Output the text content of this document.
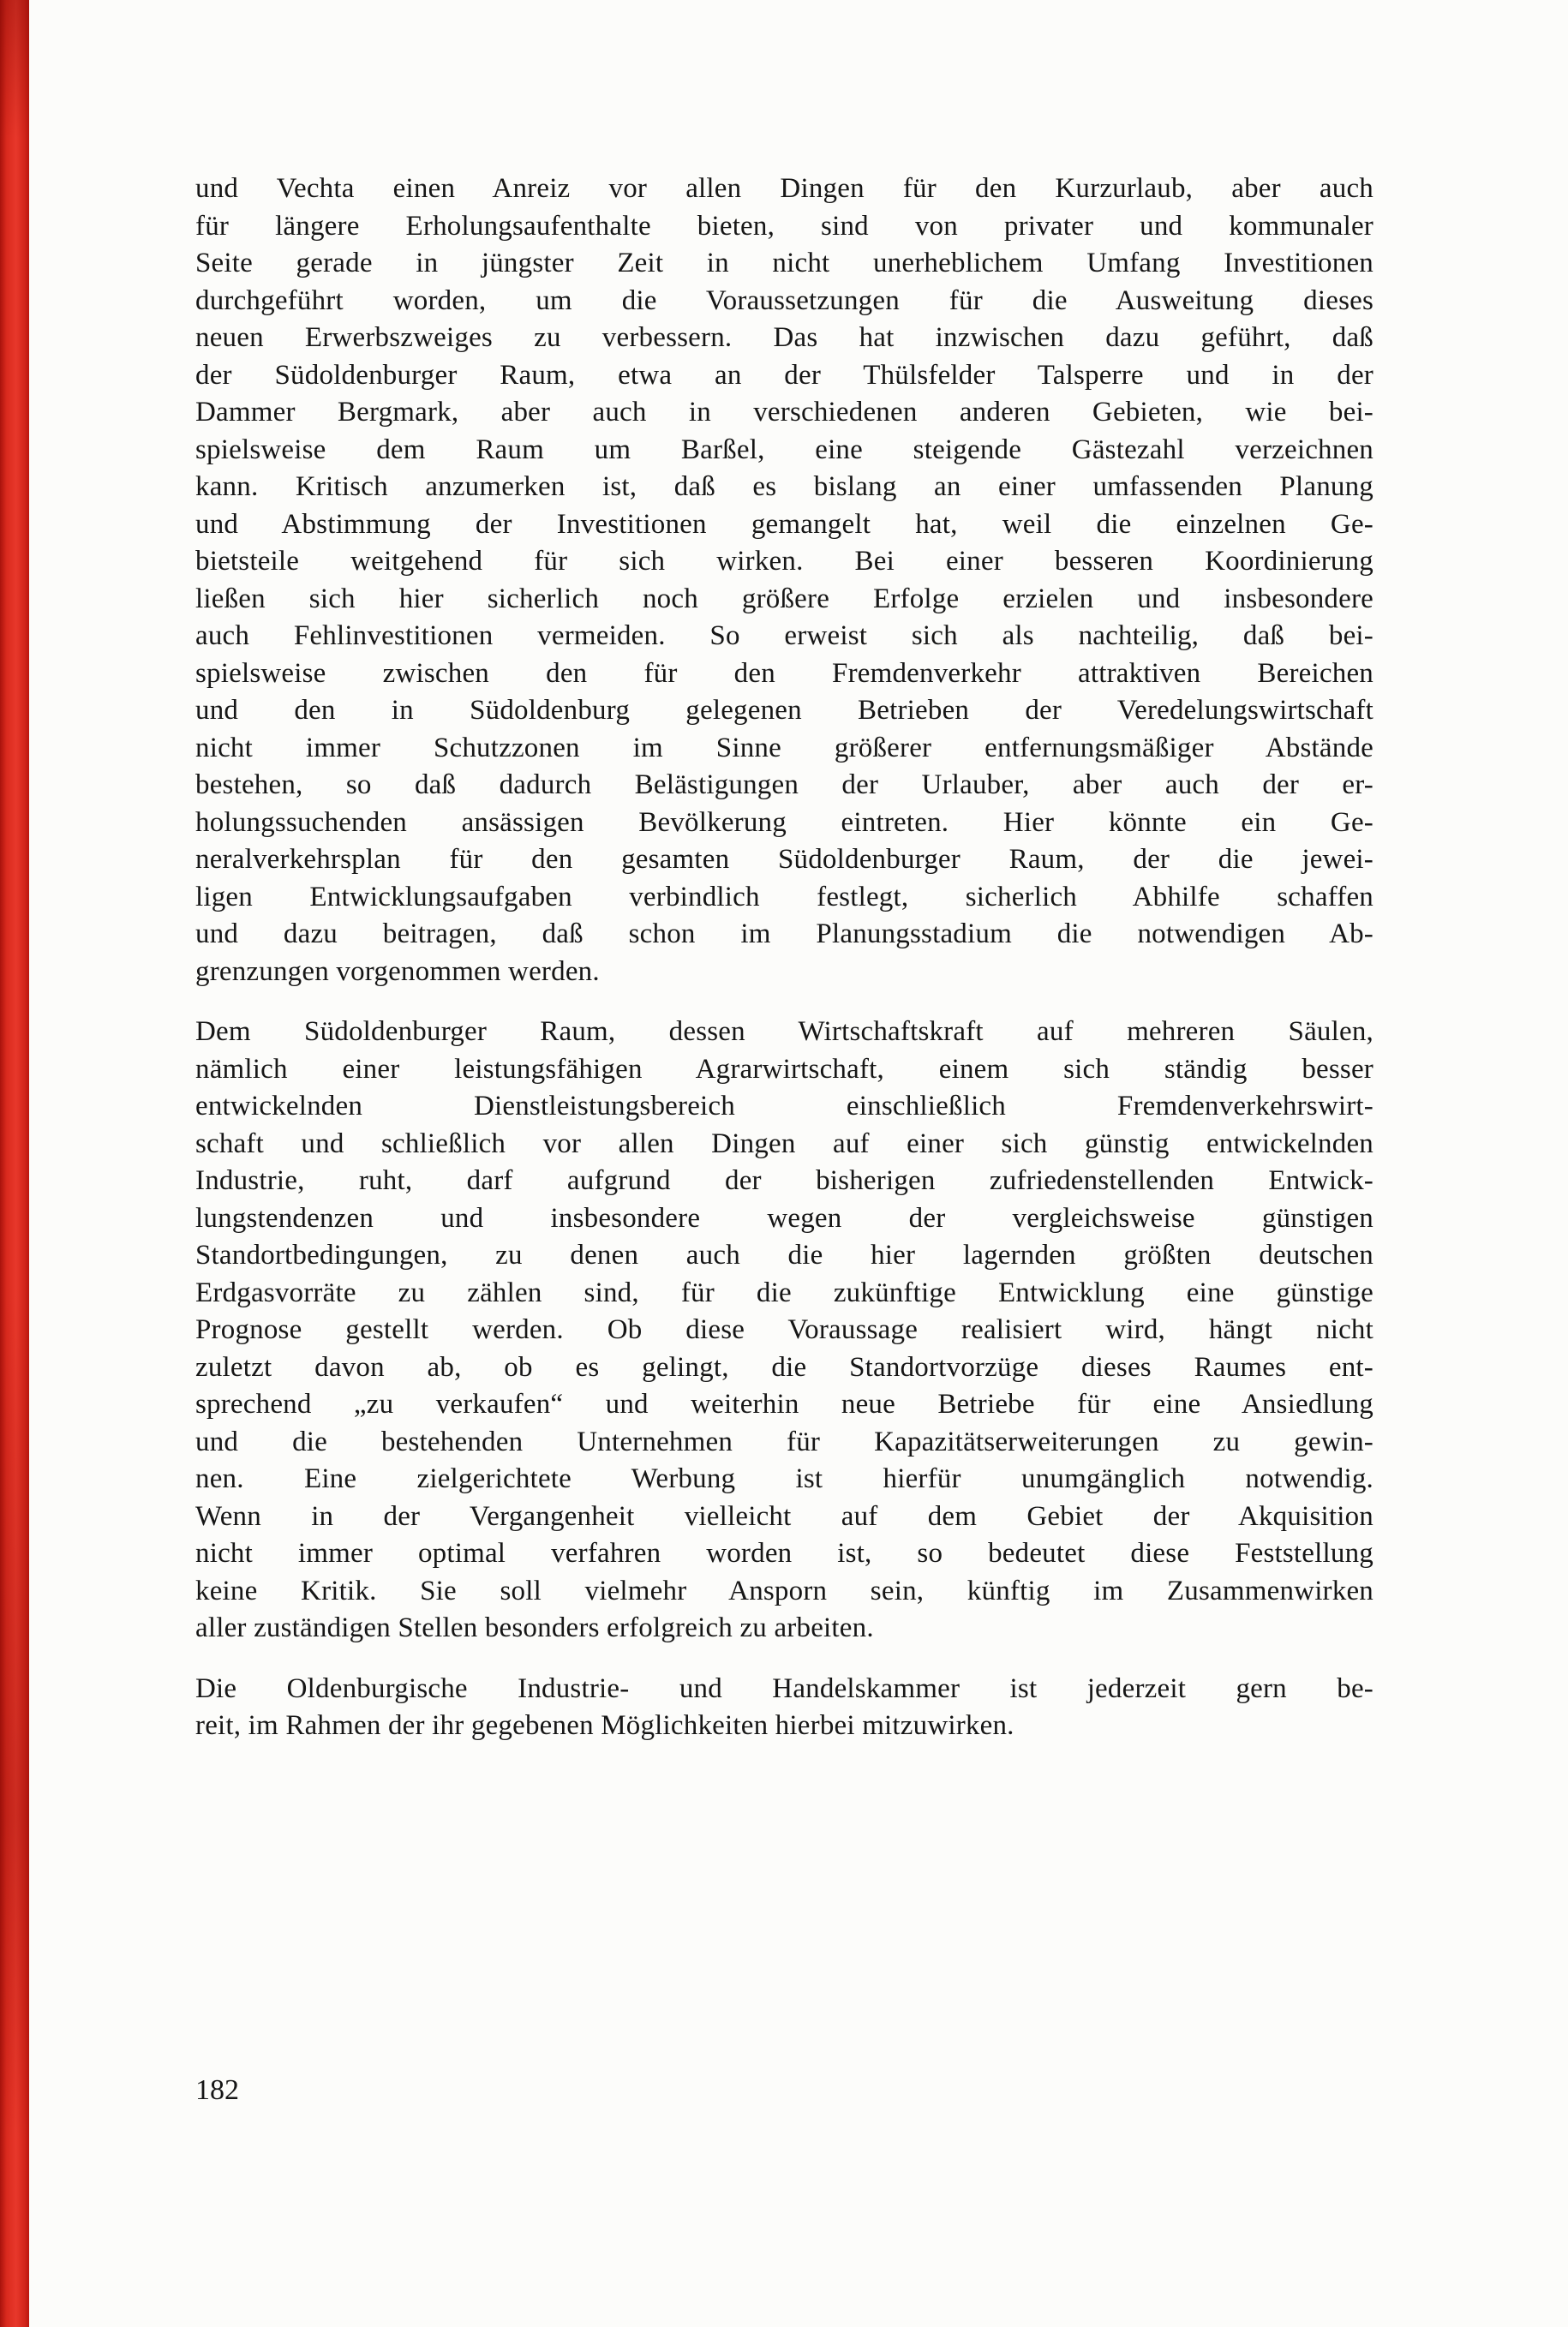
und Vechta einen Anreiz vor allen Dingen für den Kurzurlaub, aber auch
für längere Erholungsaufenthalte bieten, sind von privater und kommunaler
Seite gerade in jüngster Zeit in nicht unerheblichem Umfang Investitionen
durchgeführt worden, um die Voraussetzungen für die Ausweitung dieses
neuen Erwerbszweiges zu verbessern. Das hat inzwischen dazu geführt, daß
der Südoldenburger Raum, etwa an der Thülsfelder Talsperre und in der
Dammer Bergmark, aber auch in verschiedenen anderen Gebieten, wie bei-
spielsweise dem Raum um Barßel, eine steigende Gästezahl verzeichnen
kann. Kritisch anzumerken ist, daß es bislang an einer umfassenden Planung
und Abstimmung der Investitionen gemangelt hat, weil die einzelnen Ge-
bietsteile weitgehend für sich wirken. Bei einer besseren Koordinierung
ließen sich hier sicherlich noch größere Erfolge erzielen und insbesondere
auch Fehlinvestitionen vermeiden. So erweist sich als nachteilig, daß bei-
spielsweise zwischen den für den Fremdenverkehr attraktiven Bereichen
und den in Südoldenburg gelegenen Betrieben der Veredelungswirtschaft
nicht immer Schutzzonen im Sinne größerer entfernungsmäßiger Abstände
bestehen, so daß dadurch Belästigungen der Urlauber, aber auch der er-
holungssuchenden ansässigen Bevölkerung eintreten. Hier könnte ein Ge-
neralverkehrsplan für den gesamten Südoldenburger Raum, der die jewei-
ligen Entwicklungsaufgaben verbindlich festlegt, sicherlich Abhilfe schaffen
und dazu beitragen, daß schon im Planungsstadium die notwendigen Ab-
grenzungen vorgenommen werden.

Dem Südoldenburger Raum, dessen Wirtschaftskraft auf mehreren Säulen,
nämlich einer leistungsfähigen Agrarwirtschaft, einem sich ständig besser
entwickelnden Dienstleistungsbereich einschließlich Fremdenverkehrswirt-
schaft und schließlich vor allen Dingen auf einer sich günstig entwickelnden
Industrie, ruht, darf aufgrund der bisherigen zufriedenstellenden Entwick-
lungstendenzen und insbesondere wegen der vergleichsweise günstigen
Standortbedingungen, zu denen auch die hier lagernden größten deutschen
Erdgasvorräte zu zählen sind, für die zukünftige Entwicklung eine günstige
Prognose gestellt werden. Ob diese Voraussage realisiert wird, hängt nicht
zuletzt davon ab, ob es gelingt, die Standortvorzüge dieses Raumes ent-
sprechend „zu verkaufen“ und weiterhin neue Betriebe für eine Ansiedlung
und die bestehenden Unternehmen für Kapazitätserweiterungen zu gewin-
nen. Eine zielgerichtete Werbung ist hierfür unumgänglich notwendig.
Wenn in der Vergangenheit vielleicht auf dem Gebiet der Akquisition
nicht immer optimal verfahren worden ist, so bedeutet diese Feststellung
keine Kritik. Sie soll vielmehr Ansporn sein, künftig im Zusammenwirken
aller zuständigen Stellen besonders erfolgreich zu arbeiten.

Die Oldenburgische Industrie- und Handelskammer ist jederzeit gern be-
reit, im Rahmen der ihr gegebenen Möglichkeiten hierbei mitzuwirken.

182
